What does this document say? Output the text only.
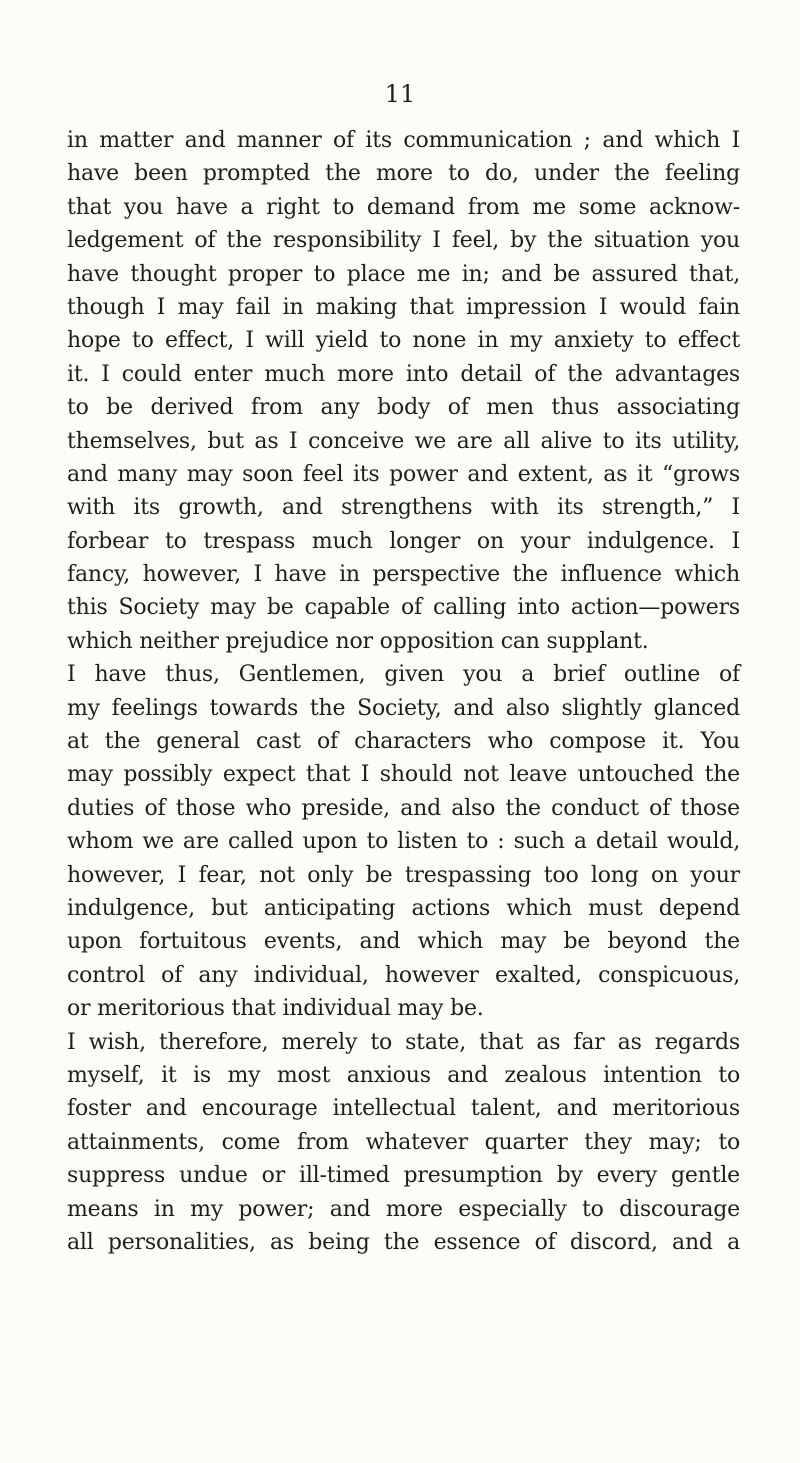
11
in matter and manner of its communication ; and which I
have been prompted the more to do, under the feeling
that you have a right to demand from me some acknow-
ledgement of the responsibility I feel, by the situation you
have thought proper to place me in; and be assured that,
though I may fail in making that impression I would fain
hope to effect, I will yield to none in my anxiety to effect
it. I could enter much more into detail of the advantages
to be derived from any body of men thus associating
themselves, but as I conceive we are all alive to its utility,
and many may soon feel its power and extent, as it “grows
with its growth, and strengthens with its strength,” I
forbear to trespass much longer on your indulgence. I
fancy, however, I have in perspective the influence which
this Society may be capable of calling into action—powers
which neither prejudice nor opposition can supplant.
I have thus, Gentlemen, given you a brief outline of
my feelings towards the Society, and also slightly glanced
at the general cast of characters who compose it. You
may possibly expect that I should not leave untouched the
duties of those who preside, and also the conduct of those
whom we are called upon to listen to : such a detail would,
however, I fear, not only be trespassing too long on your
indulgence, but anticipating actions which must depend
upon fortuitous events, and which may be beyond the
control of any individual, however exalted, conspicuous,
or meritorious that individual may be.
I wish, therefore, merely to state, that as far as regards
myself, it is my most anxious and zealous intention to
foster and encourage intellectual talent, and meritorious
attainments, come from whatever quarter they may; to
suppress undue or ill-timed presumption by every gentle
means in my power; and more especially to discourage
all personalities, as being the essence of discord, and a
